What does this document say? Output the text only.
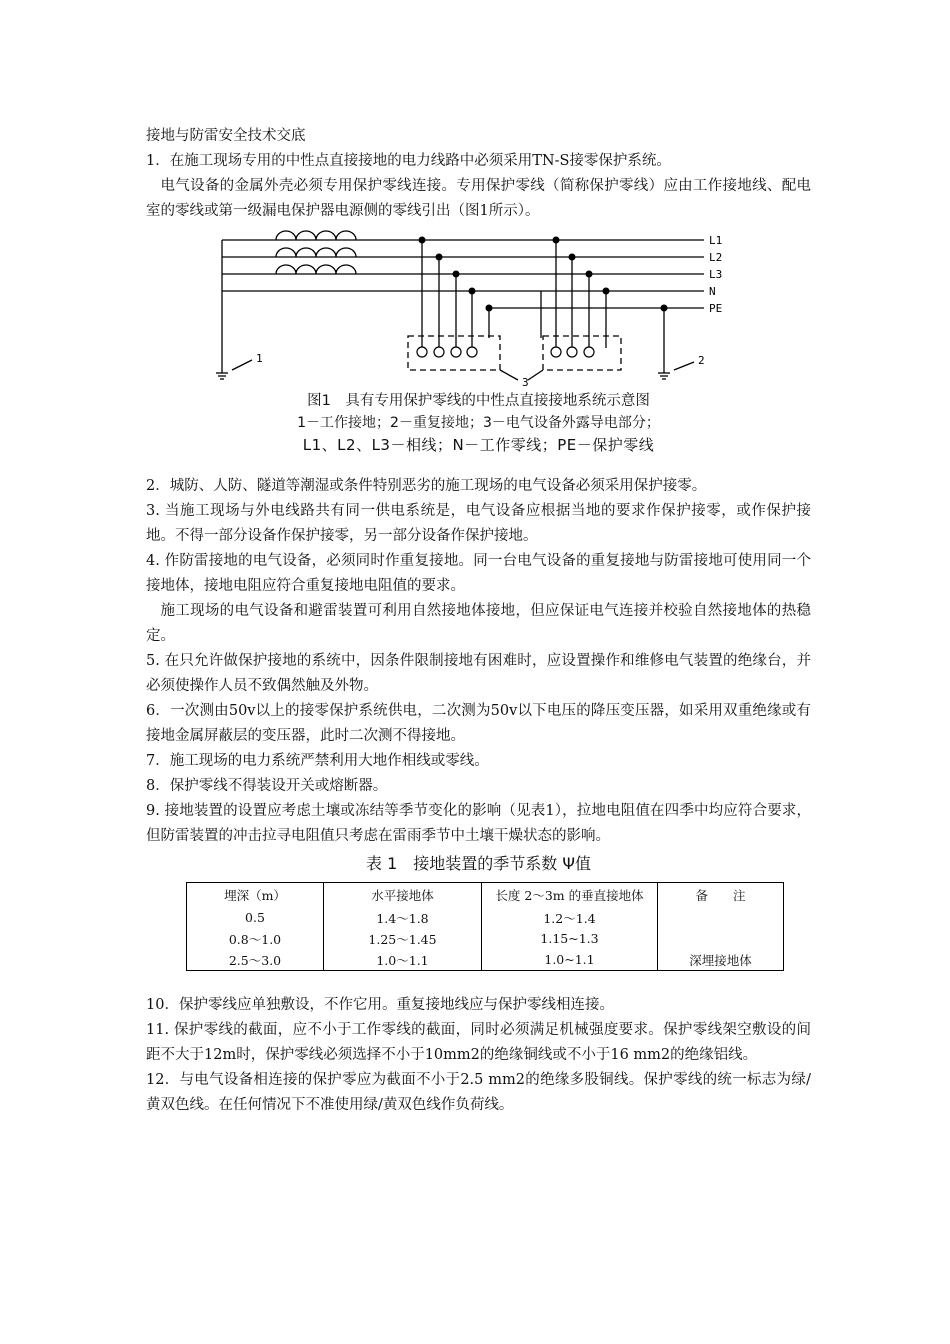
接地与防雷安全技术交底

1．在施工现场专用的中性点直接接地的电力线路中必须采用TN-S接零保护系统。

电气设备的金属外壳必须专用保护零线连接。专用保护零线（简称保护零线）应由工作接地线、配电室的零线或第一级漏电保护器电源侧的零线引出（图1所示）。

L1
L2
L3
N
PE
1	2
3
图1　具有专用保护零线的中性点直接接地系统示意图
1－工作接地；2－重复接地；3－电气设备外露导电部分；
L1、L2、L3－相线；N－工作零线；PE－保护零线

2．城防、人防、隧道等潮湿或条件特别恶劣的施工现场的电气设备必须采用保护接零。

3. 当施工现场与外电线路共有同一供电系统是，电气设备应根据当地的要求作保护接零，或作保护接地。不得一部分设备作保护接零，另一部分设备作保护接地。

4. 作防雷接地的电气设备，必须同时作重复接地。同一台电气设备的重复接地与防雷接地可使用同一个接地体，接地电阻应符合重复接地电阻值的要求。

施工现场的电气设备和避雷装置可利用自然接地体接地，但应保证电气连接并校验自然接地体的热稳定。

5. 在只允许做保护接地的系统中，因条件限制接地有困难时，应设置操作和维修电气装置的绝缘台，并必须使操作人员不致偶然触及外物。

6．一次测由50v以上的接零保护系统供电，二次测为50v以下电压的降压变压器，如采用双重绝缘或有接地金属屏蔽层的变压器，此时二次测不得接地。

7．施工现场的电力系统严禁利用大地作相线或零线。

8．保护零线不得装设开关或熔断器。

9. 接地装置的设置应考虑土壤或冻结等季节变化的影响（见表1），拉地电阻值在四季中均应符合要求，但防雷装置的冲击拉寻电阻值只考虑在雷雨季节中土壤干燥状态的影响。

表 1　接地装置的季节系数 Ψ值
埋深（m）	水平接地体	长度 2～3m 的垂直接地体	备　　注
0.5	1.4～1.8	1.2～1.4	
0.8～1.0	1.25～1.45	1.15~1.3	
2.5～3.0	1.0～1.1	1.0~1.1	深埋接地体

10．保护零线应单独敷设，不作它用。重复接地线应与保护零线相连接。

11. 保护零线的截面，应不小于工作零线的截面，同时必须满足机械强度要求。保护零线架空敷设的间距不大于12m时，保护零线必须选择不小于10mm2的绝缘铜线或不小于16 mm2的绝缘铝线。

12．与电气设备相连接的保护零应为截面不小于2.5 mm2的绝缘多股铜线。保护零线的统一标志为绿/黄双色线。在任何情况下不准使用绿/黄双色线作负荷线。
